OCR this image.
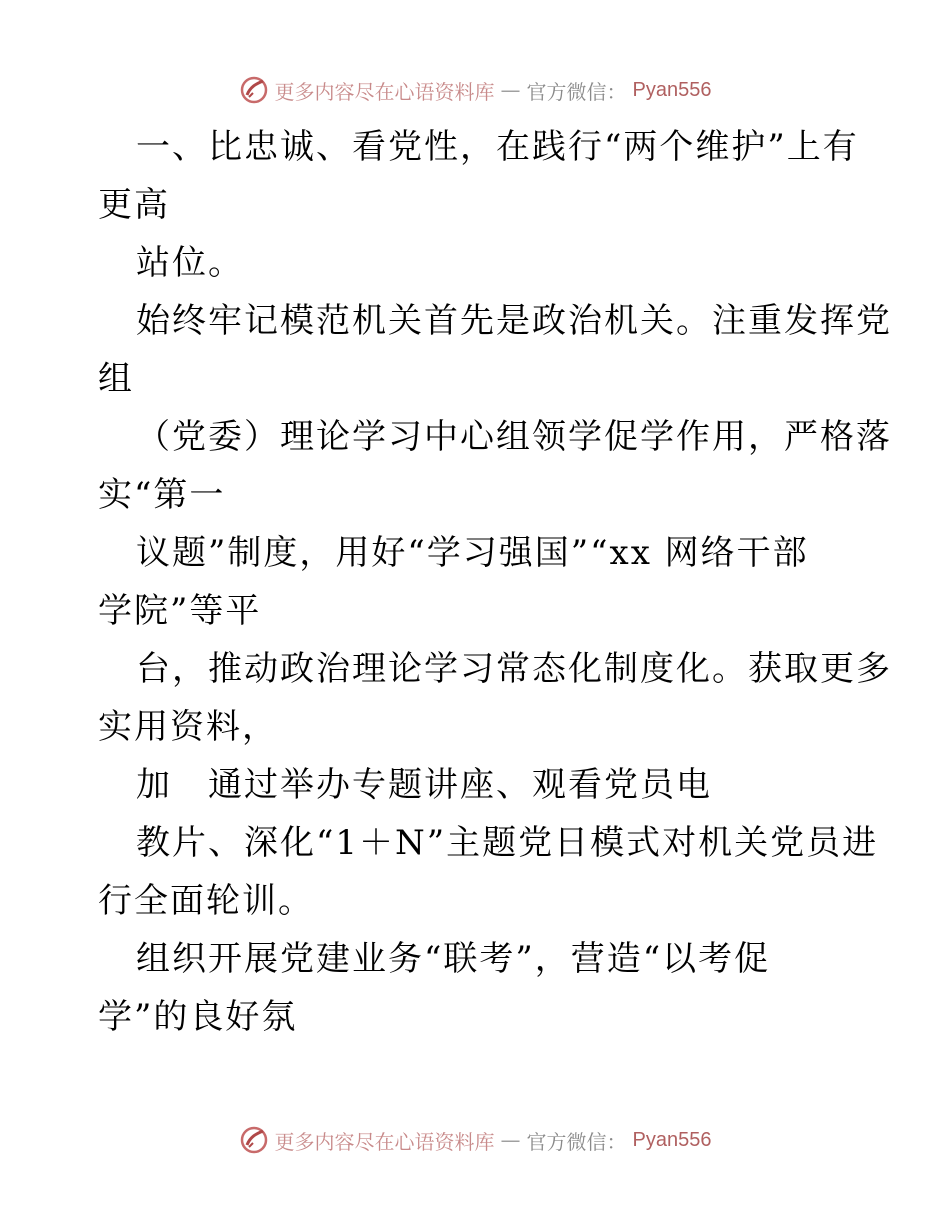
更多内容尽在心语资料库 — 官方微信： Pyan556
一、比忠诚、看党性，在践行“两个维护”上有
更高
站位。
始终牢记模范机关首先是政治机关。注重发挥党
组
（党委）理论学习中心组领学促学作用，严格落
实“第一
议题”制度，用好“学习强国”“xx 网络干部
学院”等平
台，推动政治理论学习常态化制度化。获取更多
实用资料，
加　通过举办专题讲座、观看党员电
教片、深化“1＋N”主题党日模式对机关党员进
行全面轮训。
组织开展党建业务“联考”，营造“以考促
学”的良好氛
更多内容尽在心语资料库 — 官方微信： Pyan556
